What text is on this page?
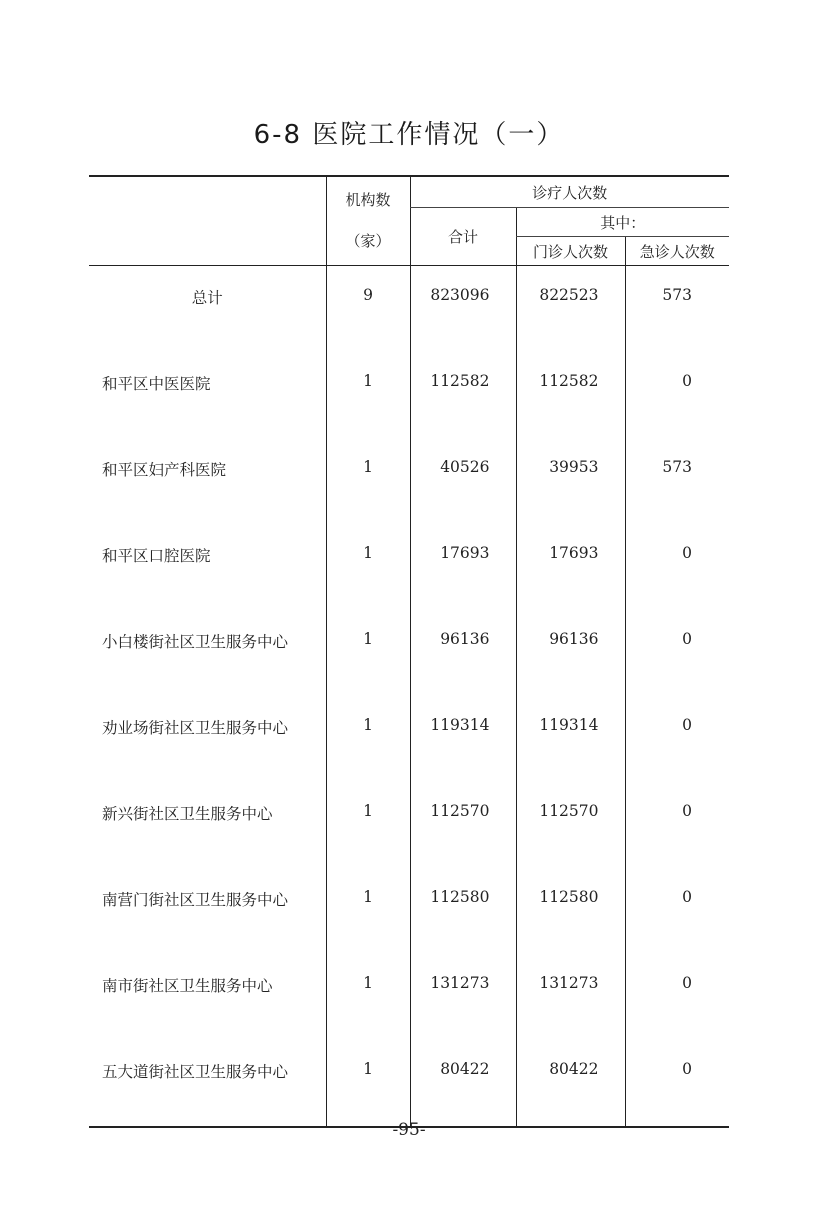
6-8 医院工作情况（一）

	机构数
（家）	诊疗人次数		
		合计	其中：	
			门诊人次数	急诊人次数

总计	9	823096	822523	573

和平区中医医院	1	112582	112582	0

和平区妇产科医院	1	40526	39953	573

和平区口腔医院	1	17693	17693	0

小白楼街社区卫生服务中心	1	96136	96136	0

劝业场街社区卫生服务中心	1	119314	119314	0

新兴街社区卫生服务中心	1	112570	112570	0

南营门街社区卫生服务中心	1	112580	112580	0

南市街社区卫生服务中心	1	131273	131273	0

五大道街社区卫生服务中心	1	80422	80422	0
-95-
